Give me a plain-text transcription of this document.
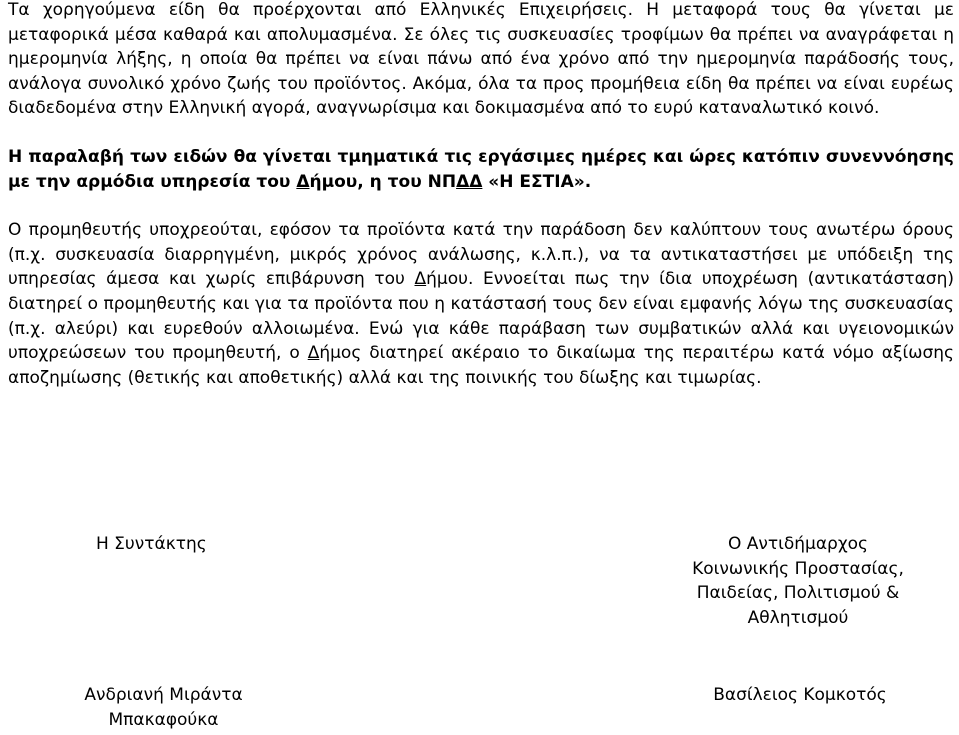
Τα χορηγούμενα είδη θα προέρχονται από Ελληνικές Επιχειρήσεις. Η μεταφορά τους θα γίνεται με μεταφορικά μέσα καθαρά και απολυμασμένα. Σε όλες τις συσκευασίες τροφίμων θα πρέπει να αναγράφεται η ημερομηνία λήξης, η οποία θα πρέπει να είναι πάνω από ένα χρόνο από την ημερομηνία παράδοσής τους, ανάλογα συνολικό χρόνο ζωής του προϊόντος. Ακόμα, όλα τα προς προμήθεια είδη θα πρέπει να είναι ευρέως διαδεδομένα στην Ελληνική αγορά, αναγνωρίσιμα και δοκιμασμένα από το ευρύ καταναλωτικό κοινό.

Η παραλαβή των ειδών θα γίνεται τμηματικά τις εργάσιμες ημέρες και ώρες κατόπιν συνεννόησης με την αρμόδια υπηρεσία του Δήμου, η του ΝΠΔΔ «Η ΕΣΤΙΑ».

Ο προμηθευτής υποχρεούται, εφόσον τα προϊόντα κατά την παράδοση δεν καλύπτουν τους ανωτέρω όρους (π.χ. συσκευασία διαρρηγμένη, μικρός χρόνος ανάλωσης, κ.λ.π.), να τα αντικαταστήσει με υπόδειξη της υπηρεσίας άμεσα και χωρίς επιβάρυνση του Δήμου. Εννοείται πως την ίδια υποχρέωση (αντικατάσταση) διατηρεί ο προμηθευτής και για τα προϊόντα που η κατάστασή τους δεν είναι εμφανής λόγω της συσκευασίας (π.χ. αλεύρι) και ευρεθούν αλλοιωμένα. Ενώ για κάθε παράβαση των συμβατικών αλλά και υγειονομικών υποχρεώσεων του προμηθευτή, ο Δήμος διατηρεί ακέραιο το δικαίωμα της περαιτέρω κατά νόμο αξίωσης αποζημίωσης (θετικής και αποθετικής) αλλά και της ποινικής του δίωξης και τιμωρίας.

Η Συντάκτης	Ο Αντιδήμαρχος
Κοινωνικής Προστασίας,
Παιδείας, Πολιτισμού &
Αθλητισμού
Ανδριανή Μιράντα
Μπακαφούκα
Βασίλειος Κομκοτός
